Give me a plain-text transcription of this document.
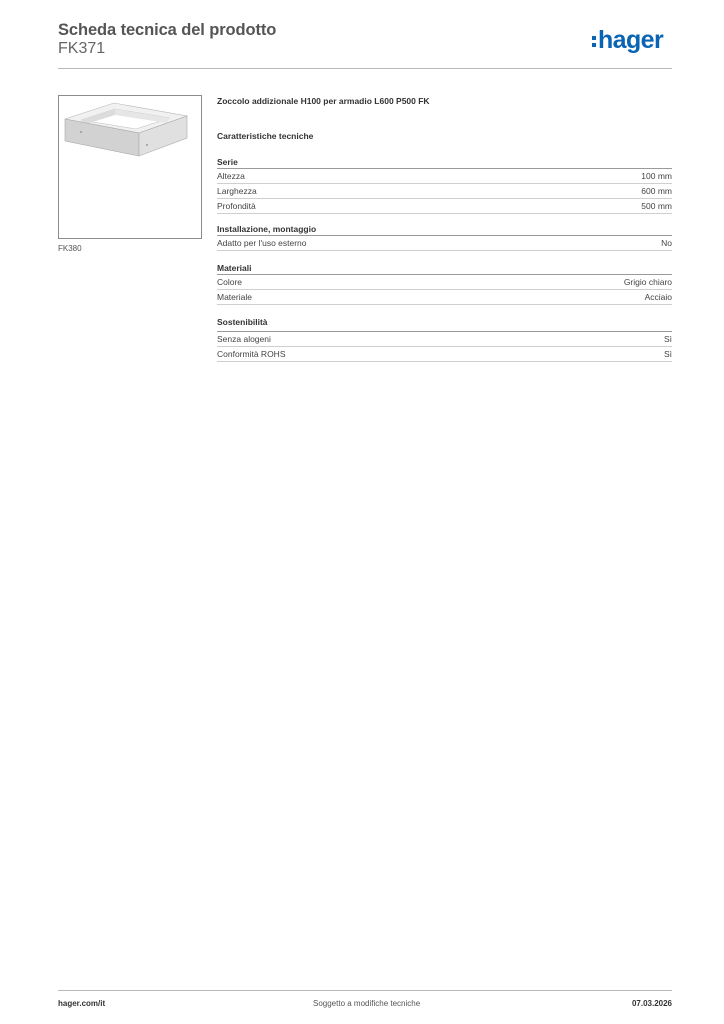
Scheda tecnica del prodotto
FK371	hager
FK380
Zoccolo addizionale H100 per armadio L600 P500 FK
Caratteristiche tecniche
Serie
Altezza	100 mm
Larghezza	600 mm
Profondità	500 mm
Installazione, montaggio
Adatto per l'uso esterno	No
Materiali
Colore	Grigio chiaro
Materiale	Acciaio
Sostenibilità
Senza alogeni	Sì
Conformità ROHS	Sì
hager.com/it	Soggetto a modifiche tecniche	07.03.2026
